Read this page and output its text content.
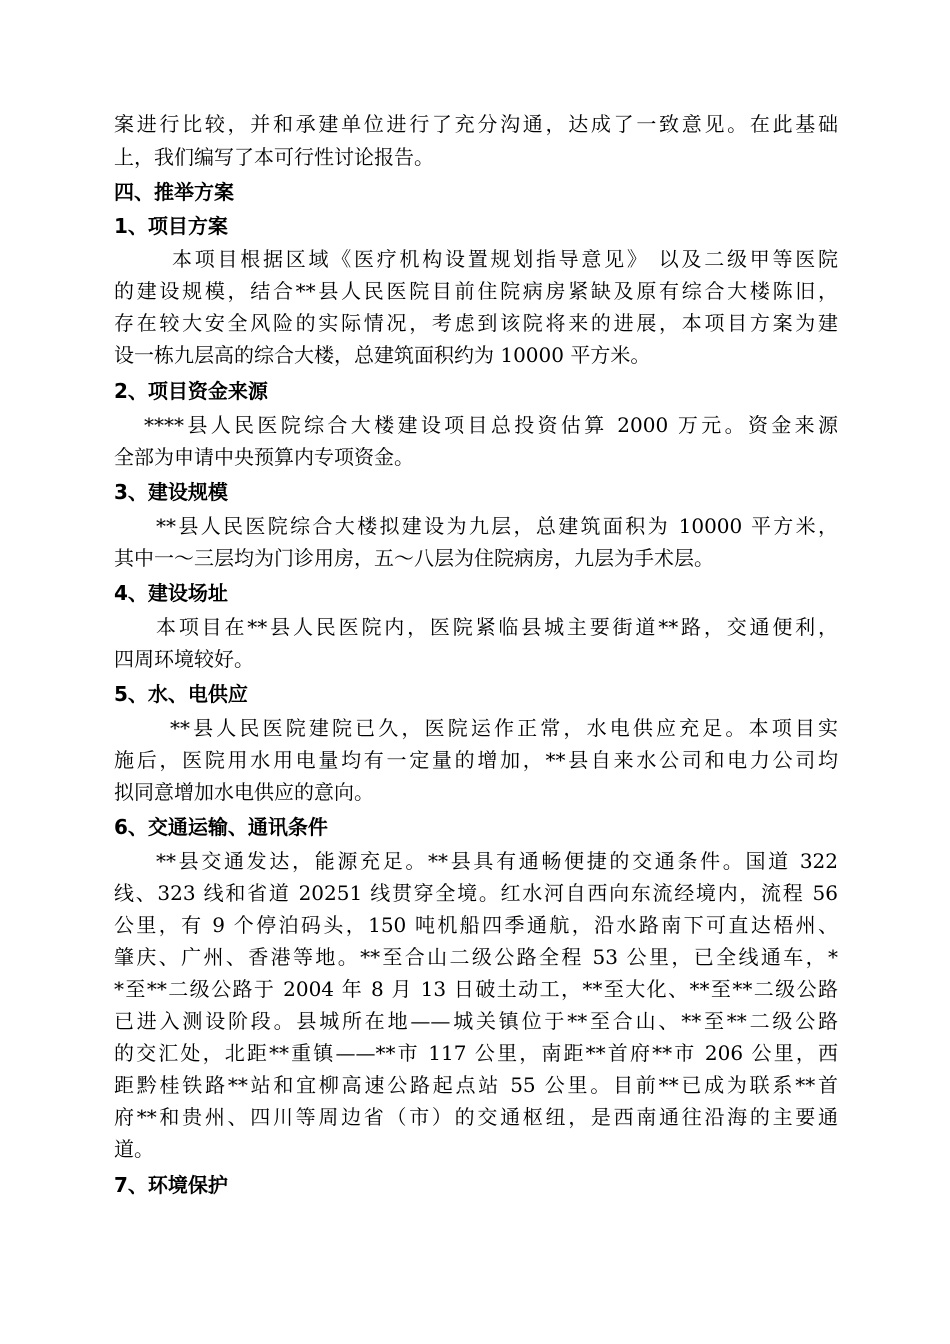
案进行比较，并和承建单位进行了充分沟通，达成了一致意见。在此基础
上，我们编写了本可行性讨论报告。
四、推举方案
1、项目方案
本项目根据区域《医疗机构设置规划指导意见》 以及二级甲等医院
的建设规模，结合**县人民医院目前住院病房紧缺及原有综合大楼陈旧，
存在较大安全风险的实际情况，考虑到该院将来的进展，本项目方案为建
设一栋九层高的综合大楼，总建筑面积约为 10000 平方米。
2、项目资金来源
****县人民医院综合大楼建设项目总投资估算 2000 万元。资金来源
全部为申请中央预算内专项资金。
3、建设规模
**县人民医院综合大楼拟建设为九层，总建筑面积为 10000 平方米，
其中一～三层均为门诊用房，五～八层为住院病房，九层为手术层。
4、建设场址
本项目在**县人民医院内，医院紧临县城主要街道**路，交通便利，
四周环境较好。
5、水、电供应
**县人民医院建院已久，医院运作正常，水电供应充足。本项目实
施后，医院用水用电量均有一定量的增加，**县自来水公司和电力公司均
拟同意增加水电供应的意向。
6、交通运输、通讯条件
**县交通发达，能源充足。**县具有通畅便捷的交通条件。国道 322
线、323 线和省道 20251 线贯穿全境。红水河自西向东流经境内，流程 56
公里，有 9 个停泊码头，150 吨机船四季通航，沿水路南下可直达梧州、
肇庆、广州、香港等地。**至合山二级公路全程 53 公里，已全线通车，*
*至**二级公路于 2004 年 8 月 13 日破土动工，**至大化、**至**二级公路
已进入测设阶段。县城所在地——城关镇位于**至合山、**至**二级公路
的交汇处，北距**重镇——**市 117 公里，南距**首府**市 206 公里，西
距黔桂铁路**站和宜柳高速公路起点站 55 公里。目前**已成为联系**首
府**和贵州、四川等周边省（市）的交通枢纽，是西南通往沿海的主要通
道。
7、环境保护
